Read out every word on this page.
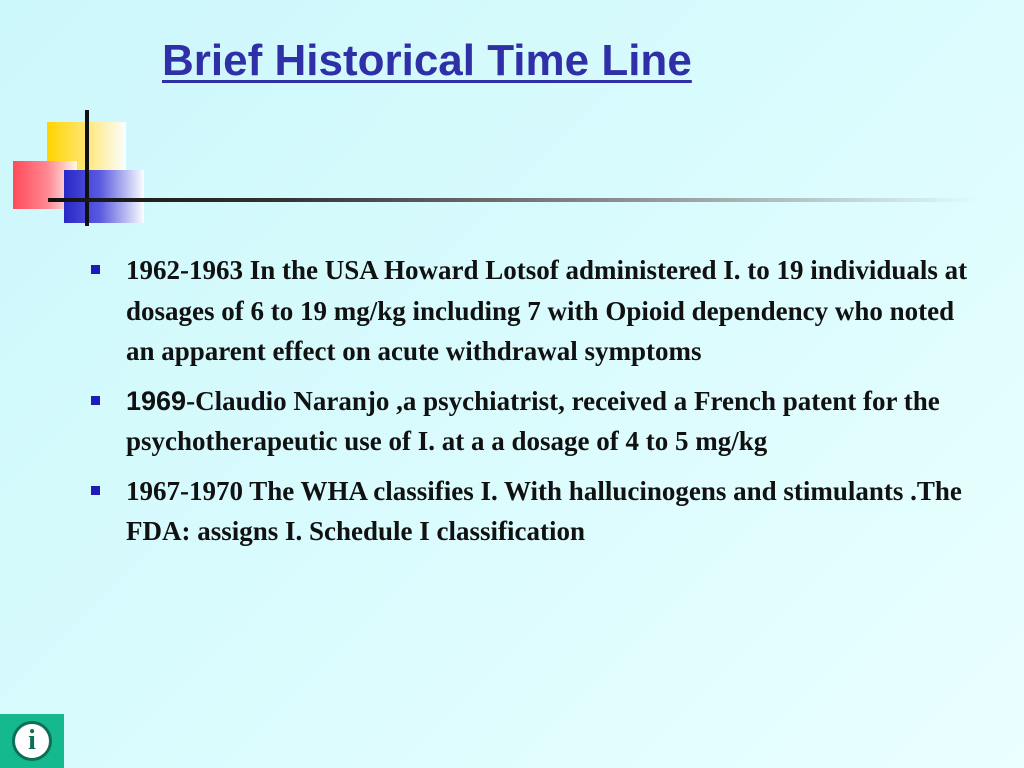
Brief Historical Time Line
1962-1963 In the USA Howard Lotsof administered I. to 19 individuals at dosages of 6 to 19 mg/kg including 7 with Opioid dependency who noted an apparent effect on acute withdrawal symptoms
1969-Claudio Naranjo ,a psychiatrist, received a French patent for the psychotherapeutic use of I. at a a dosage of 4 to 5 mg/kg
1967-1970 The WHA classifies I. With hallucinogens and stimulants .The FDA: assigns I. Schedule I classification
i
